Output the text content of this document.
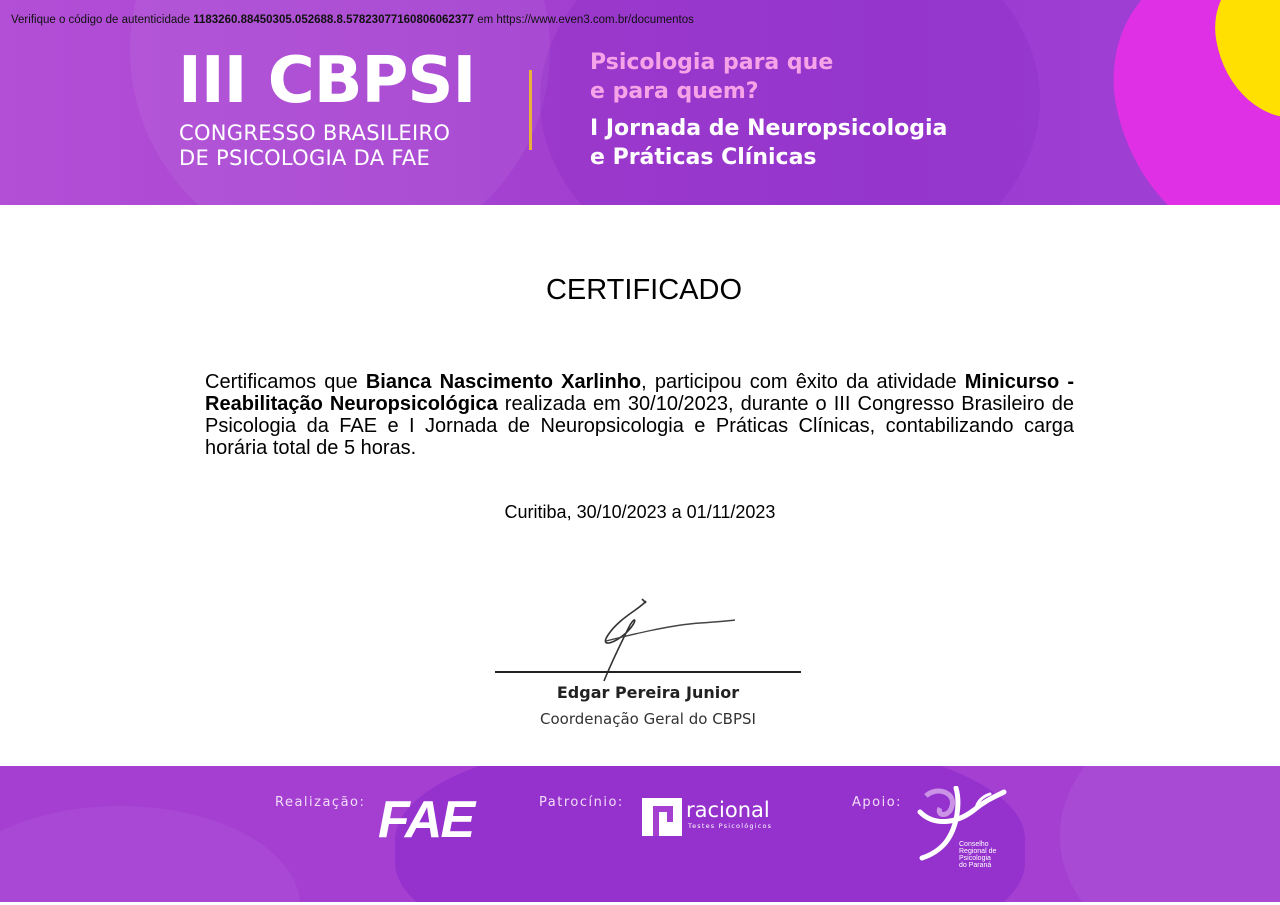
Verifique o código de autenticidade 1183260.88450305.052688.8.57823077160806062377 em https://www.even3.com.br/documentos
III CBPSI
CONGRESSO BRASILEIRO
DE PSICOLOGIA DA FAE
Psicologia para que
e para quem?
I Jornada de Neuropsicologia
e Práticas Clínicas
CERTIFICADO
Certificamos que Bianca Nascimento Xarlinho, participou com êxito da atividade Minicurso - Reabilitação Neuropsicológica realizada em 30/10/2023, durante o III Congresso Brasileiro de Psicologia da FAE e I Jornada de Neuropsicologia e Práticas Clínicas, contabilizando carga horária total de 5 horas.
Curitiba, 30/10/2023 a 01/11/2023
Edgar Pereira Junior
Coordenação Geral do CBPSI
Realização: FAE	Patrocínio:	racional
Testes Psicológicos
Apoio:
Conselho
Regional de
Psicologia
do Paraná
